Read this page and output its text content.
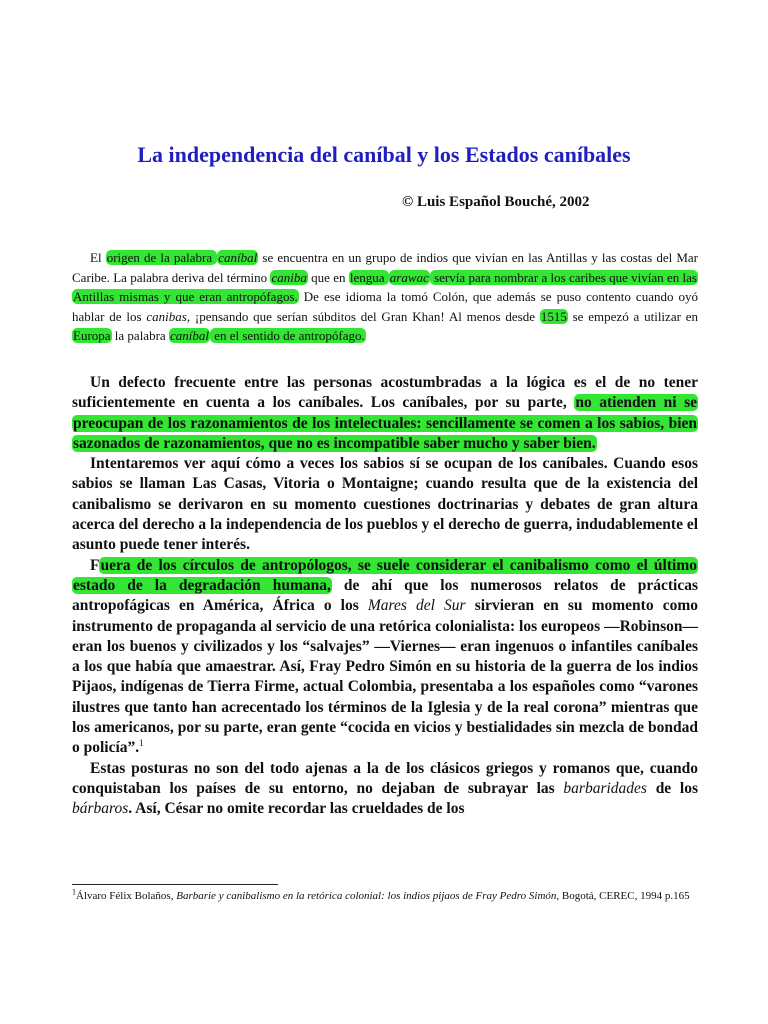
La independencia del caníbal y los Estados caníbales

© Luis Español Bouché, 2002

El origen de la palabra caníbal se encuentra en un grupo de indios que vivían en las Antillas y las costas del Mar Caribe. La palabra deriva del término caniba que en lengua arawac servía para nombrar a los caribes que vivían en las Antillas mismas y que eran antropófagos. De ese idioma la tomó Colón, que además se puso contento cuando oyó hablar de los canibas, ¡pensando que serían súbditos del Gran Khan! Al menos desde 1515 se empezó a utilizar en Europa la palabra caníbal en el sentido de antropófago.

Un defecto frecuente entre las personas acostumbradas a la lógica es el de no tener suficientemente en cuenta a los caníbales. Los caníbales, por su parte, no atienden ni se preocupan de los razonamientos de los intelectuales: sencillamente se comen a los sabios, bien sazonados de razonamientos, que no es incompatible saber mucho y saber bien.

Intentaremos ver aquí cómo a veces los sabios sí se ocupan de los caníbales. Cuando esos sabios se llaman Las Casas, Vitoria o Montaigne; cuando resulta que de la existencia del canibalismo se derivaron en su momento cuestiones doctrinarias y debates de gran altura acerca del derecho a la independencia de los pueblos y el derecho de guerra, indudablemente el asunto puede tener interés.

Fuera de los círculos de antropólogos, se suele considerar el canibalismo como el último estado de la degradación humana, de ahí que los numerosos relatos de prácticas antropofágicas en América, África o los Mares del Sur sirvieran en su momento como instrumento de propaganda al servicio de una retórica colonialista: los europeos —Robinson— eran los buenos y civilizados y los “salvajes” —Viernes— eran ingenuos o infantiles caníbales a los que había que amaestrar. Así, Fray Pedro Simón en su historia de la guerra de los indios Pijaos, indígenas de Tierra Firme, actual Colombia, presentaba a los españoles como “varones ilustres que tanto han acrecentado los términos de la Iglesia y de la real corona” mientras que los americanos, por su parte, eran gente “cocida en vicios y bestialidades sin mezcla de bondad o policía”.$^1$

Estas posturas no son del todo ajenas a la de los clásicos griegos y romanos que, cuando conquistaban los países de su entorno, no dejaban de subrayar las barbaridades de los bárbaros. Así, César no omite recordar las crueldades de los

$^1$Álvaro Félix Bolaños, Barbarie y canibalismo en la retórica colonial: los indios pijaos de Fray Pedro Simón, Bogotá, CEREC, 1994 p.165
